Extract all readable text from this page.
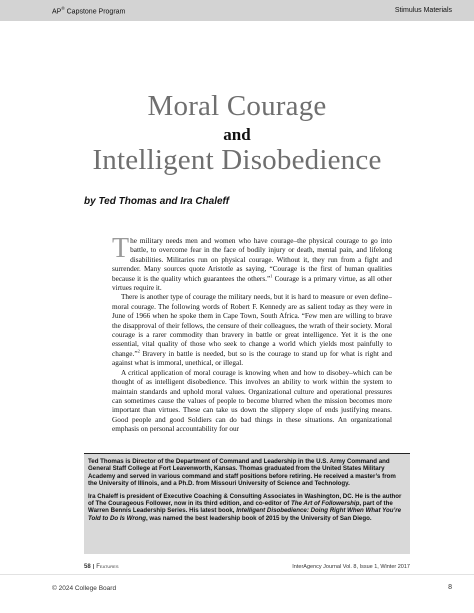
AP® Capstone Program	Stimulus Materials
Moral Courage
and
Intelligent Disobedience
by Ted Thomas and Ira Chaleff

The military needs men and women who have courage–the physical courage to go into battle, to overcome fear in the face of bodily injury or death, mental pain, and lifelong disabilities. Militaries run on physical courage. Without it, they run from a fight and surrender. Many sources quote Aristotle as saying, “Courage is the first of human qualities because it is the quality which guarantees the others.”$^1$ Courage is a primary virtue, as all other virtues require it.

There is another type of courage the military needs, but it is hard to measure or even define–moral courage. The following words of Robert F. Kennedy are as salient today as they were in June of 1966 when he spoke them in Cape Town, South Africa. “Few men are willing to brave the disapproval of their fellows, the censure of their colleagues, the wrath of their society. Moral courage is a rarer commodity than bravery in battle or great intelligence. Yet it is the one essential, vital quality of those who seek to change a world which yields most painfully to change.”$^2$ Bravery in battle is needed, but so is the courage to stand up for what is right and against what is immoral, unethical, or illegal.

A critical application of moral courage is knowing when and how to disobey–which can be thought of as intelligent disobedience. This involves an ability to work within the system to maintain standards and uphold moral values. Organizational culture and operational pressures can sometimes cause the values of people to become blurred when the mission becomes more important than virtues. These can take us down the slippery slope of ends justifying means. Good people and good Soldiers can do bad things in these situations. An organizational emphasis on personal accountability for our

Ted Thomas is Director of the Department of Command and Leadership in the U.S. Army Command and General Staff College at Fort Leavenworth, Kansas. Thomas graduated from the United States Military Academy and served in various command and staff positions before retiring. He received a master’s from the University of Illinois, and a Ph.D. from Missouri University of Science and Technology.

Ira Chaleff is president of Executive Coaching & Consulting Associates in Washington, DC. He is the author of The Courageous Follower, now in its third edition, and co-editor of The Art of Followership, part of the Warren Bennis Leadership Series. His latest book, Intelligent Disobedience: Doing Right When What You’re Told to Do Is Wrong, was named the best leadership book of 2015 by the University of San Diego.

58 | Features	InterAgency Journal Vol. 8, Issue 1, Winter 2017
© 2024 College Board	8
